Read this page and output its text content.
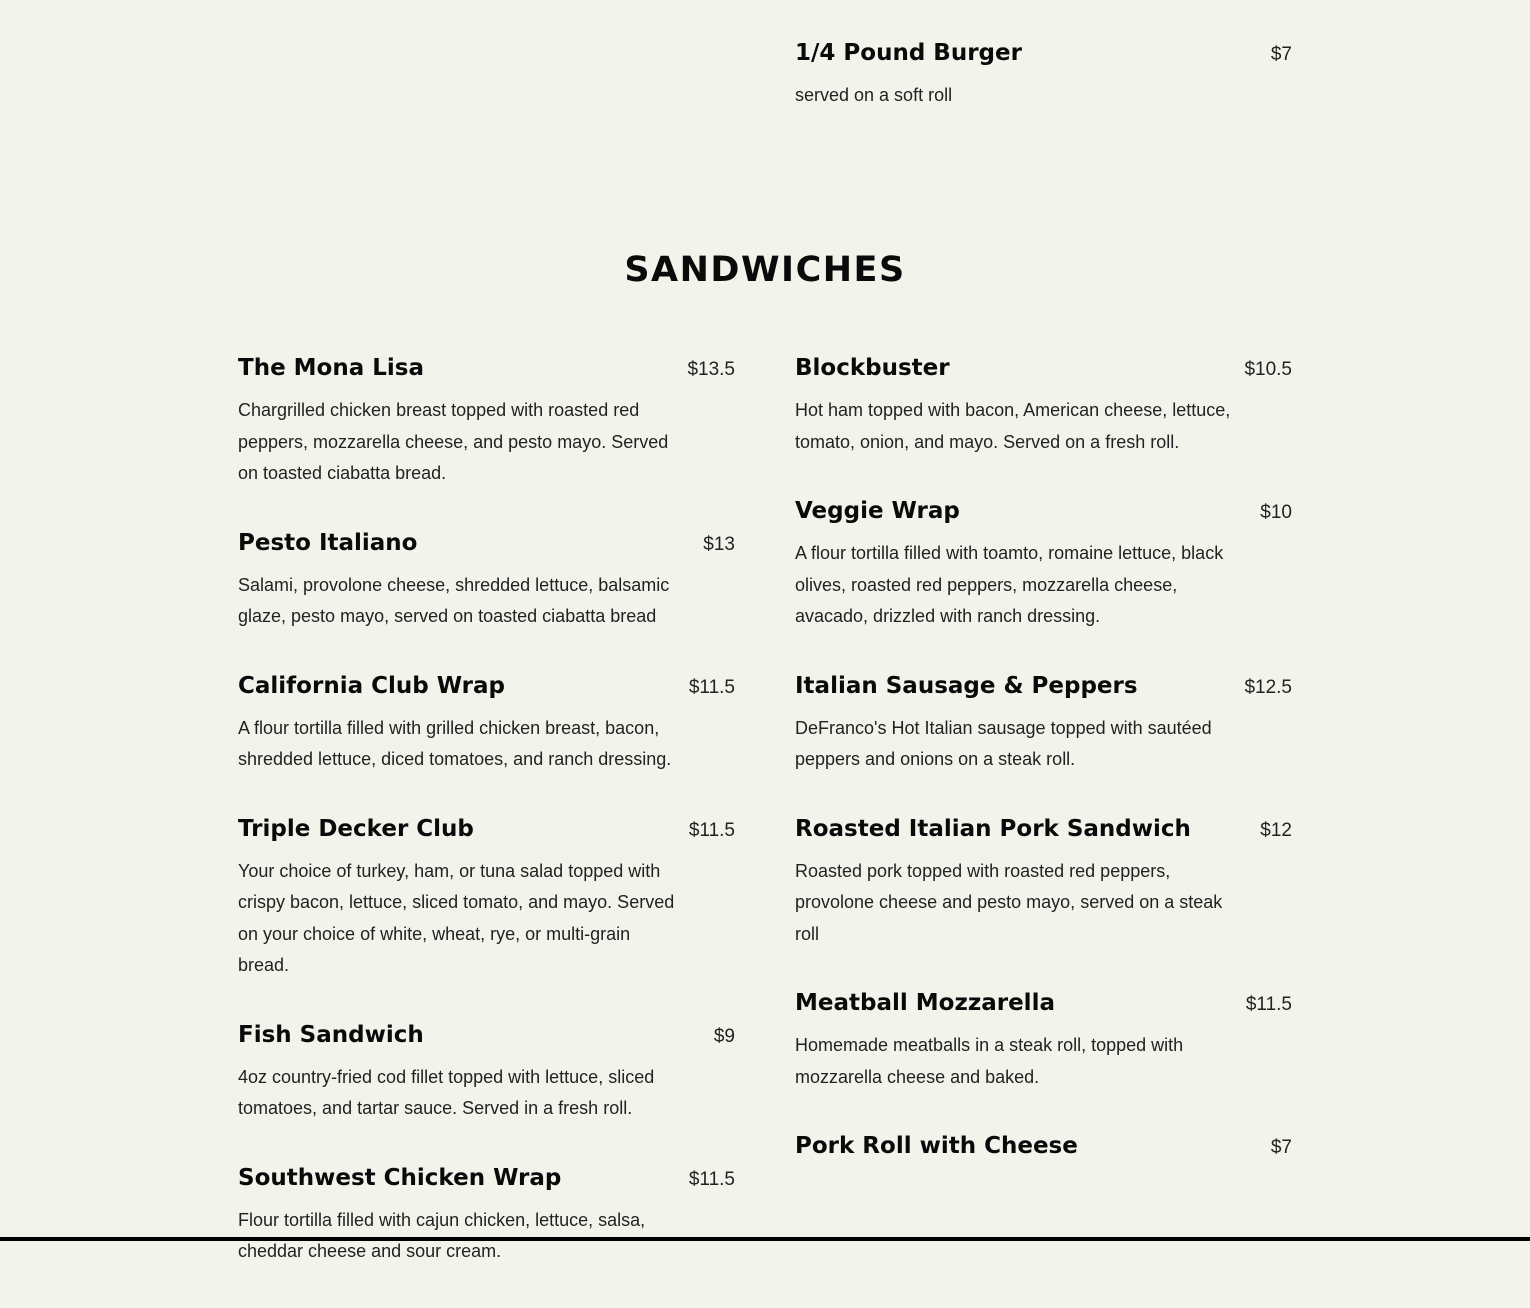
1/4 Pound Burger	$7
served on a soft roll
SANDWICHES
The Mona Lisa	$13.5
Chargrilled chicken breast topped with roasted red peppers, mozzarella cheese, and pesto mayo. Served on toasted ciabatta bread.
Pesto Italiano	$13
Salami, provolone cheese, shredded lettuce, balsamic glaze, pesto mayo, served on toasted ciabatta bread
California Club Wrap	$11.5
A flour tortilla filled with grilled chicken breast, bacon, shredded lettuce, diced tomatoes, and ranch dressing.
Triple Decker Club	$11.5
Your choice of turkey, ham, or tuna salad topped with crispy bacon, lettuce, sliced tomato, and mayo. Served on your choice of white, wheat, rye, or multi-grain bread.
Fish Sandwich	$9
4oz country-fried cod fillet topped with lettuce, sliced tomatoes, and tartar sauce. Served in a fresh roll.
Southwest Chicken Wrap	$11.5
Flour tortilla filled with cajun chicken, lettuce, salsa, cheddar cheese and sour cream.
Blockbuster	$10.5
Hot ham topped with bacon, American cheese, lettuce, tomato, onion, and mayo. Served on a fresh roll.
Veggie Wrap	$10
A flour tortilla filled with toamto, romaine lettuce, black olives, roasted red peppers, mozzarella cheese, avacado, drizzled with ranch dressing.
Italian Sausage & Peppers	$12.5
DeFranco's Hot Italian sausage topped with sautéed peppers and onions on a steak roll.
Roasted Italian Pork Sandwich	$12
Roasted pork topped with roasted red peppers, provolone cheese and pesto mayo, served on a steak roll
Meatball Mozzarella	$11.5
Homemade meatballs in a steak roll, topped with mozzarella cheese and baked.
Pork Roll with Cheese	$7
